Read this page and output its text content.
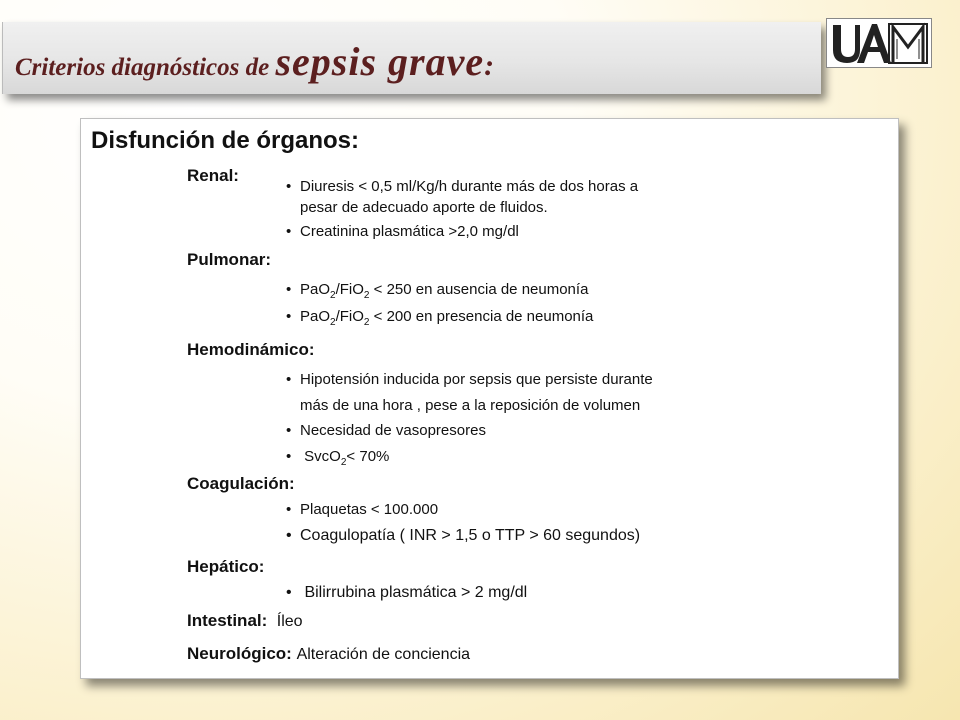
Criterios diagnósticos de sepsis grave:

Disfunción de órganos:

Renal:

• Diuresis < 0,5 ml/Kg/h durante más de dos horas a

pesar de adecuado aporte de fluidos.

• Creatinina plasmática >2,0 mg/dl

Pulmonar:

• PaO$_2$/FiO$_2$ < 250 en ausencia de neumonía

• PaO$_2$/FiO$_2$ < 200 en presencia de neumonía

Hemodinámico:

• Hipotensión inducida por sepsis que persiste durante

más de una hora , pese a la reposición de volumen

• Necesidad de vasopresores

• SvcO$_2$< 70%

Coagulación:

• Plaquetas < 100.000

• Coagulopatía ( INR > 1,5 o TTP > 60 segundos)

Hepático:

• Bilirrubina plasmática > 2 mg/dl

Intestinal: Íleo

Neurológico: Alteración de conciencia
